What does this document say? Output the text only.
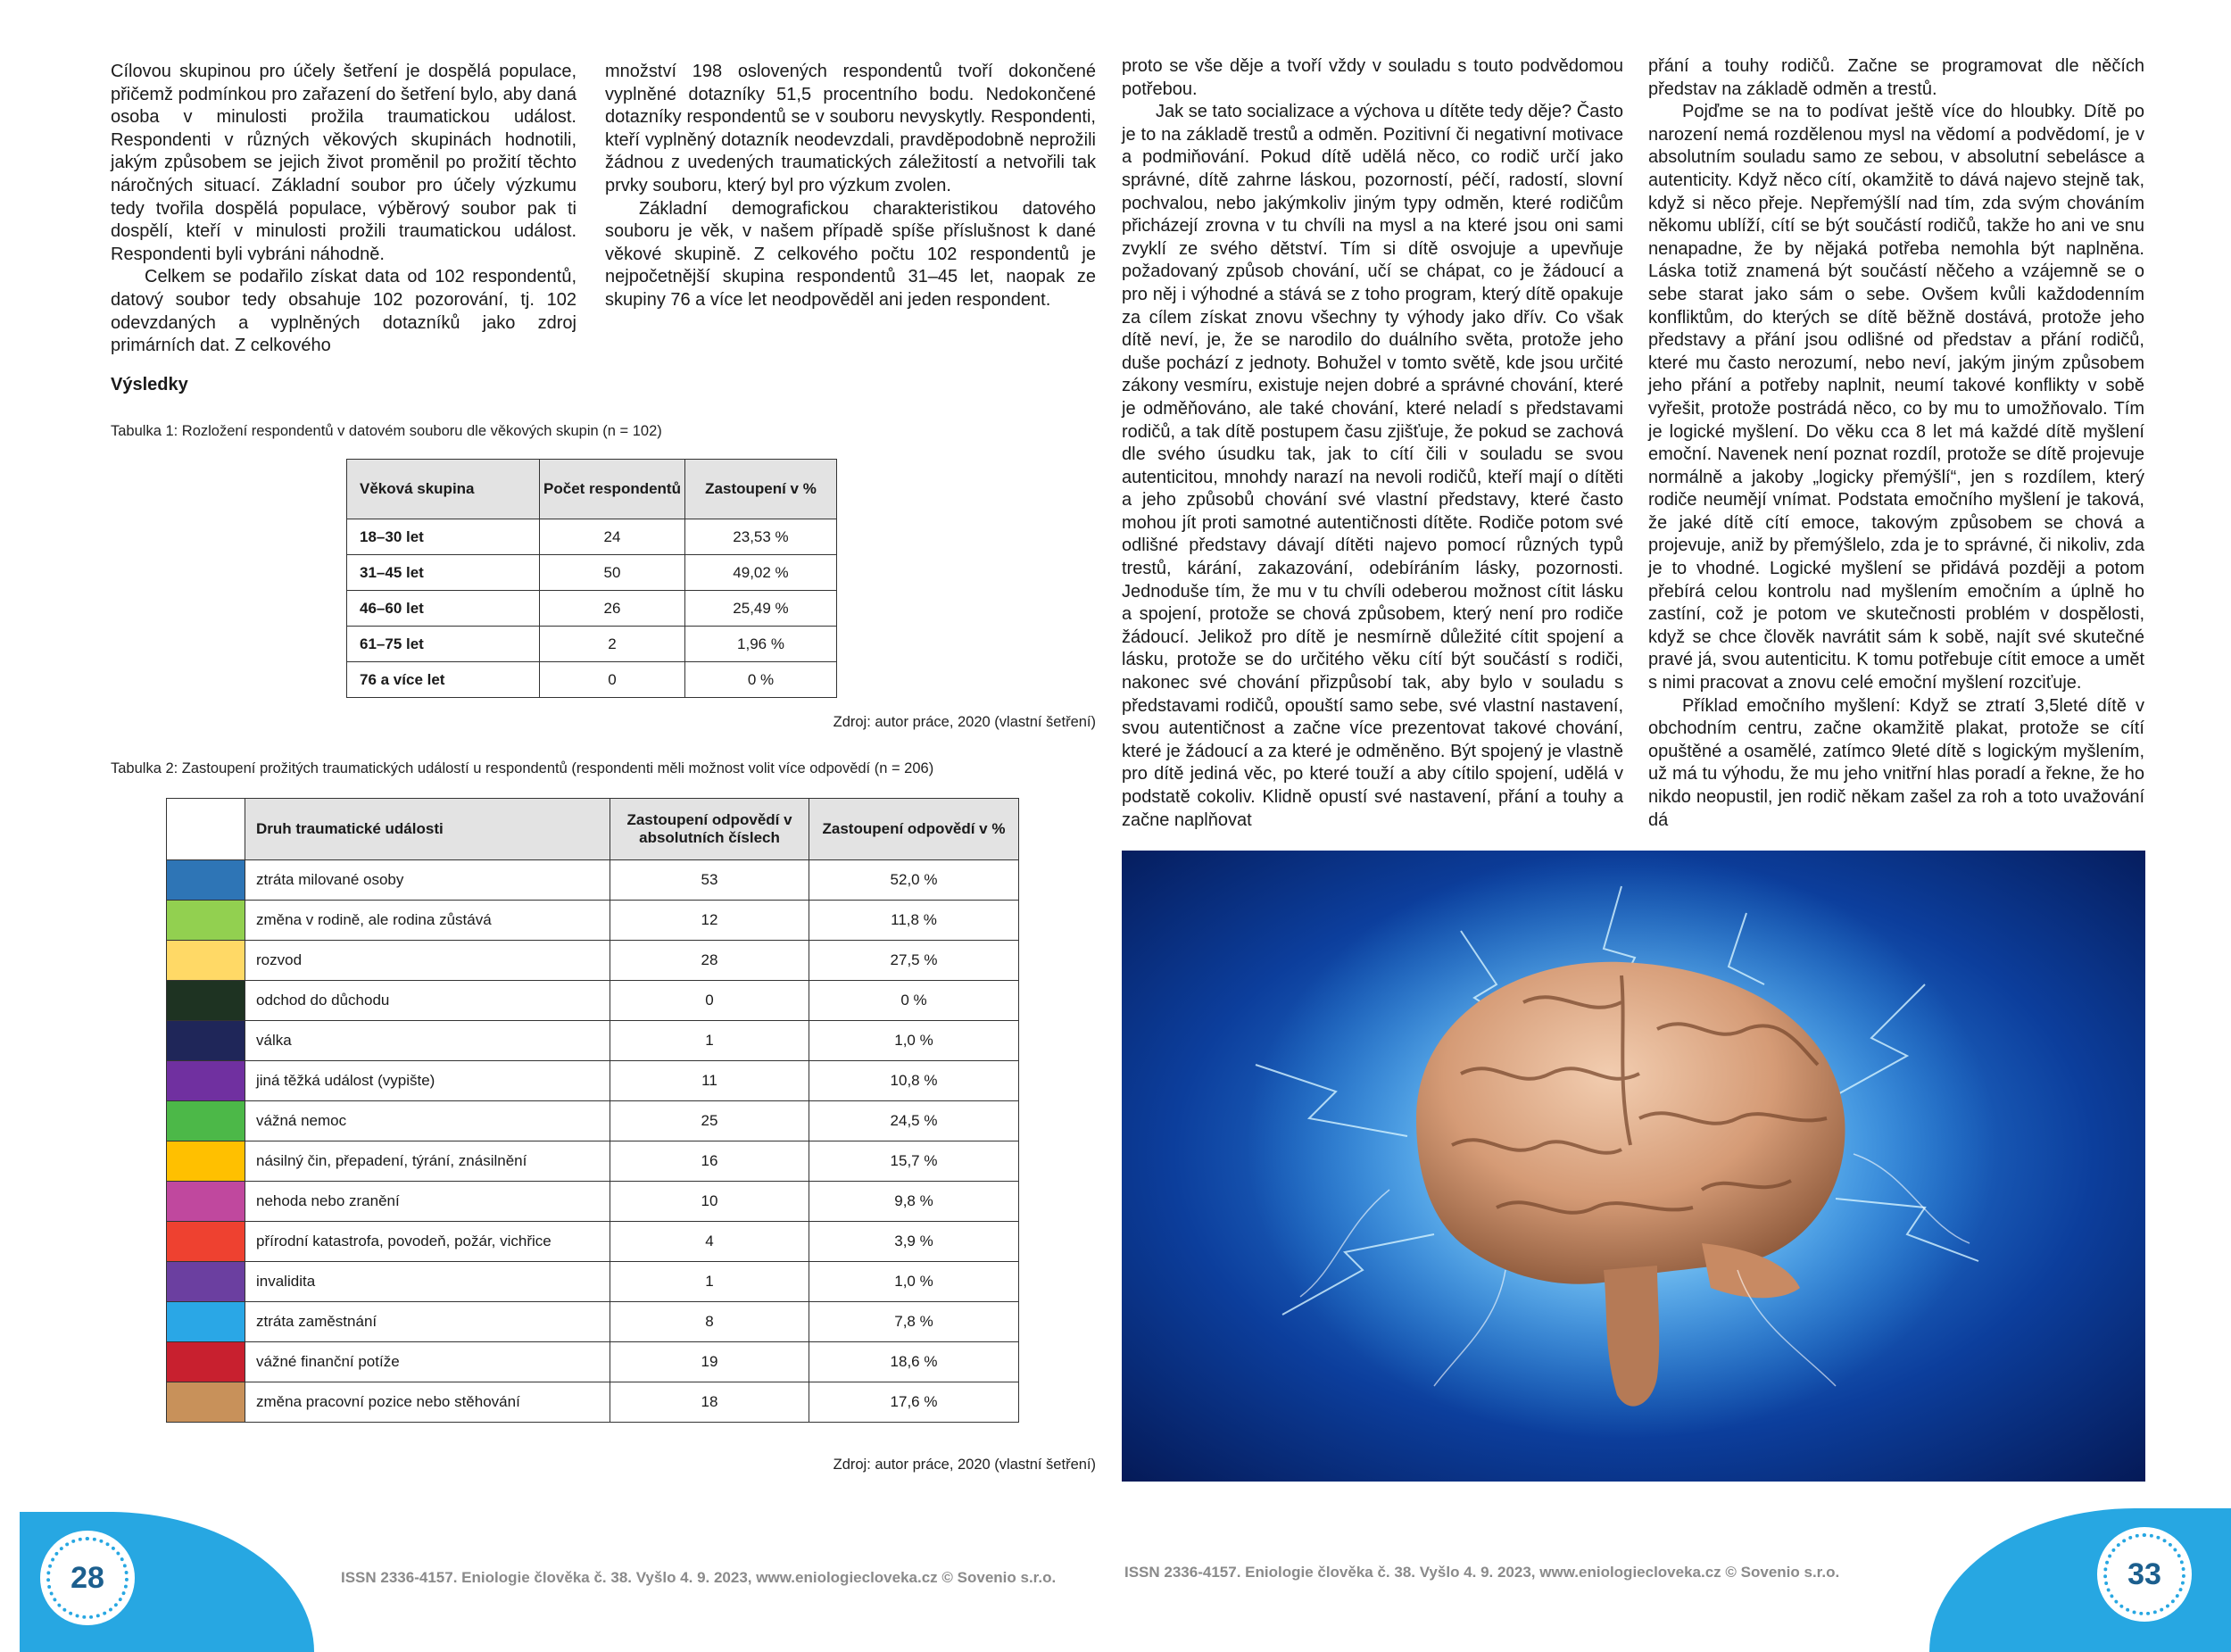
Cílovou skupinou pro účely šetření je dospělá populace, přičemž podmínkou pro zařazení do šetření bylo, aby daná osoba v minulosti prožila traumatickou událost. Respondenti v různých věkových skupinách hodnotili, jakým způsobem se jejich život proměnil po prožití těchto náročných situací. Základní soubor pro účely výzkumu tedy tvořila dospělá populace, výběrový soubor pak ti dospělí, kteří v minulosti prožili traumatickou událost. Respondenti byli vybráni náhodně.

Celkem se podařilo získat data od 102 respondentů, datový soubor tedy obsahuje 102 pozorování, tj. 102 odevzdaných a vyplněných dotazníků jako zdroj primárních dat. Z celkového

množství 198 oslovených respondentů tvoří dokončené vyplněné dotazníky 51,5 procentního bodu. Nedokončené dotazníky respondentů se v souboru nevyskytly. Respondenti, kteří vyplněný dotazník neodevzdali, pravděpodobně neprožili žádnou z uvedených traumatických záležitostí a netvořili tak prvky souboru, který byl pro výzkum zvolen.

Základní demografickou charakteristikou datového souboru je věk, v našem případě spíše příslušnost k dané věkové skupině. Z celkového počtu 102 respondentů je nejpočetnější skupina respondentů 31–45 let, naopak ze skupiny 76 a více let neodpověděl ani jeden respondent.

Výsledky
Tabulka 1: Rozložení respondentů v datovém souboru dle věkových skupin (n = 102)
Věková skupina	Počet respondentů	Zastoupení v %
18–30 let	24	23,53 %
31–45 let	50	49,02 %
46–60 let	26	25,49 %
61–75 let	2	1,96 %
76 a více let	0	0 %
Zdroj: autor práce, 2020 (vlastní šetření)
Tabulka 2: Zastoupení prožitých traumatických událostí u respondentů (respondenti měli možnost volit více odpovědí (n = 206)
	Druh traumatické události	Zastoupení odpovědí v absolutních číslech	Zastoupení odpovědí v %
	ztráta milované osoby	53	52,0 %
	změna v rodině, ale rodina zůstává	12	11,8 %
	rozvod	28	27,5 %
	odchod do důchodu	0	0 %
	válka	1	1,0 %
	jiná těžká událost (vypište)	11	10,8 %
	vážná nemoc	25	24,5 %
	násilný čin, přepadení, týrání, znásilnění	16	15,7 %
	nehoda nebo zranění	10	9,8 %
	přírodní katastrofa, povodeň, požár, vichřice	4	3,9 %
	invalidita	1	1,0 %
	ztráta zaměstnání	8	7,8 %
	vážné finanční potíže	19	18,6 %
	změna pracovní pozice nebo stěhování	18	17,6 %
Zdroj: autor práce, 2020 (vlastní šetření)
28	ISSN 2336-4157. Eniologie člověka č. 38. Vyšlo 4. 9. 2023, www.eniologiecloveka.cz © Sovenio s.r.o.

proto se vše děje a tvoří vždy v souladu s touto podvědomou potřebou.

Jak se tato socializace a výchova u dítěte tedy děje? Často je to na základě trestů a odměn. Pozitivní či negativní motivace a podmiňování. Pokud dítě udělá něco, co rodič určí jako správné, dítě zahrne láskou, pozorností, péčí, radostí, slovní pochvalou, nebo jakýmkoliv jiným typy odměn, které rodičům přicházejí zrovna v tu chvíli na mysl a na které jsou oni sami zvyklí ze svého dětství. Tím si dítě osvojuje a upevňuje požadovaný způsob chování, učí se chápat, co je žádoucí a pro něj i výhodné a stává se z toho program, který dítě opakuje za cílem získat znovu všechny ty výhody jako dřív. Co však dítě neví, je, že se narodilo do duálního světa, protože jeho duše pochází z jednoty. Bohužel v tomto světě, kde jsou určité zákony vesmíru, existuje nejen dobré a správné chování, které je odměňováno, ale také chování, které neladí s představami rodičů, a tak dítě postupem času zjišťuje, že pokud se zachová dle svého úsudku tak, jak to cítí čili v souladu se svou autenticitou, mnohdy narazí na nevoli rodičů, kteří mají o dítěti a jeho způsobů chování své vlastní představy, které často mohou jít proti samotné autentičnosti dítěte. Rodiče potom své odlišné představy dávají dítěti najevo pomocí různých typů trestů, kárání, zakazování, odebíráním lásky, pozornosti. Jednoduše tím, že mu v tu chvíli odeberou možnost cítit lásku a spojení, protože se chová způsobem, který není pro rodiče žádoucí. Jelikož pro dítě je nesmírně důležité cítit spojení a lásku, protože se do určitého věku cítí být součástí s rodiči, nakonec své chování přizpůsobí tak, aby bylo v souladu s představami rodičů, opouští samo sebe, své vlastní nastavení, svou autentičnost a začne více prezentovat takové chování, které je žádoucí a za které je odměněno. Být spojený je vlastně pro dítě jediná věc, po které touží a aby cítilo spojení, udělá v podstatě cokoliv. Klidně opustí své nastavení, přání a touhy a začne naplňovat

přání a touhy rodičů. Začne se programovat dle něčích představ na základě odměn a trestů.

Pojďme se na to podívat ještě více do hloubky. Dítě po narození nemá rozdělenou mysl na vědomí a podvědomí, je v absolutním souladu samo ze sebou, v absolutní sebelásce a autenticity. Když něco cítí, okamžitě to dává najevo stejně tak, když si něco přeje. Nepřemýšlí nad tím, zda svým chováním někomu ublíží, cítí se být součástí rodičů, takže ho ani ve snu nenapadne, že by nějaká potřeba nemohla být naplněna. Láska totiž znamená být součástí něčeho a vzájemně se o sebe starat jako sám o sebe. Ovšem kvůli každodenním konfliktům, do kterých se dítě běžně dostává, protože jeho představy a přání jsou odlišné od představ a přání rodičů, které mu často nerozumí, nebo neví, jakým jiným způsobem jeho přání a potřeby naplnit, neumí takové konflikty v sobě vyřešit, protože postrádá něco, co by mu to umožňovalo. Tím je logické myšlení. Do věku cca 8 let má každé dítě myšlení emoční. Navenek není poznat rozdíl, protože se dítě projevuje normálně a jakoby „logicky přemýšlí“, jen s rozdílem, který rodiče neumějí vnímat. Podstata emočního myšlení je taková, že jaké dítě cítí emoce, takovým způsobem se chová a projevuje, aniž by přemýšlelo, zda je to správné, či nikoliv, zda je to vhodné. Logické myšlení se přidává později a potom přebírá celou kontrolu nad myšlením emočním a úplně ho zastíní, což je potom ve skutečnosti problém v dospělosti, když se chce člověk navrátit sám k sobě, najít své skutečné pravé já, svou autenticitu. K tomu potřebuje cítit emoce a umět s nimi pracovat a znovu celé emoční myšlení rozciťuje.

Příklad emočního myšlení: Když se ztratí 3,5leté dítě v obchodním centru, začne okamžitě plakat, protože se cítí opuštěné a osamělé, zatímco 9leté dítě s logickým myšlením, už má tu výhodu, že mu jeho vnitřní hlas poradí a řekne, že ho nikdo neopustil, jen rodič někam zašel za roh a toto uvažování dá

ISSN 2336-4157. Eniologie člověka č. 38. Vyšlo 4. 9. 2023, www.eniologiecloveka.cz © Sovenio s.r.o.	33
